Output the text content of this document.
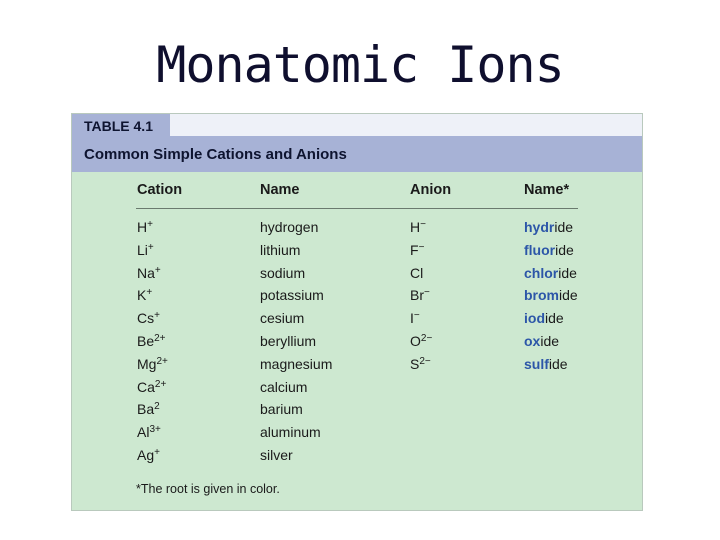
Monatomic Ions
TABLE 4.1
Common Simple Cations and Anions
Cation	Name	Anion	Name*
H+	hydrogen	H−	hydride
Li+	lithium	F−	fluoride
Na+	sodium	Cl	chloride
K+	potassium	Br−	bromide
Cs+	cesium	I−	iodide
$Be^{2+}$	beryllium	$O^{2-}$	oxide
$Mg^{2+}$	magnesium	$S^{2-}$	sulfide
$Ca^{2+}$	calcium
Ba$^2$	barium
$Al^{3+}$	aluminum
Ag+	silver
*The root is given in color.
